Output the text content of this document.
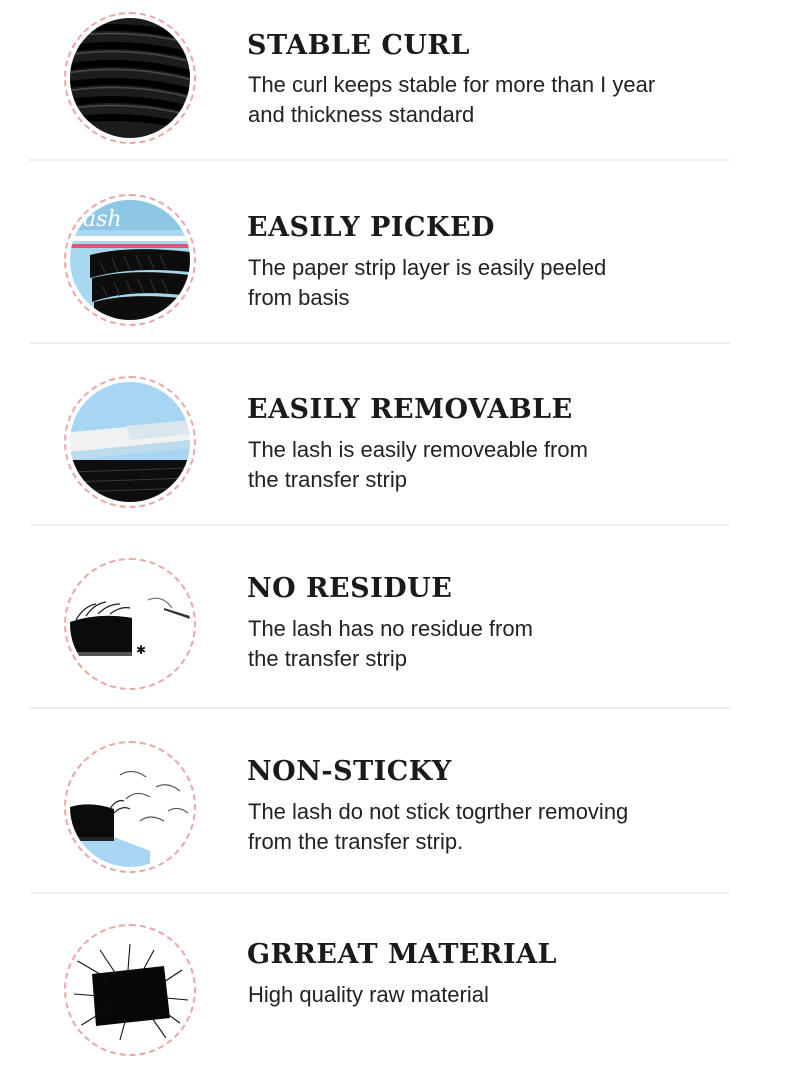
STABLE CURL
The curl keeps stable for more than I year
and thickness standard
lash	EASILY PICKED
The paper strip layer is easily peeled
from basis
EASILY REMOVABLE
The lash is easily removeable from
the transfer strip
✱
NO RESIDUE
The lash has no residue from
the transfer strip
NON-STICKY
The lash do not stick togrther removing
from the transfer strip.
GRREAT MATERIAL
High quality raw material
